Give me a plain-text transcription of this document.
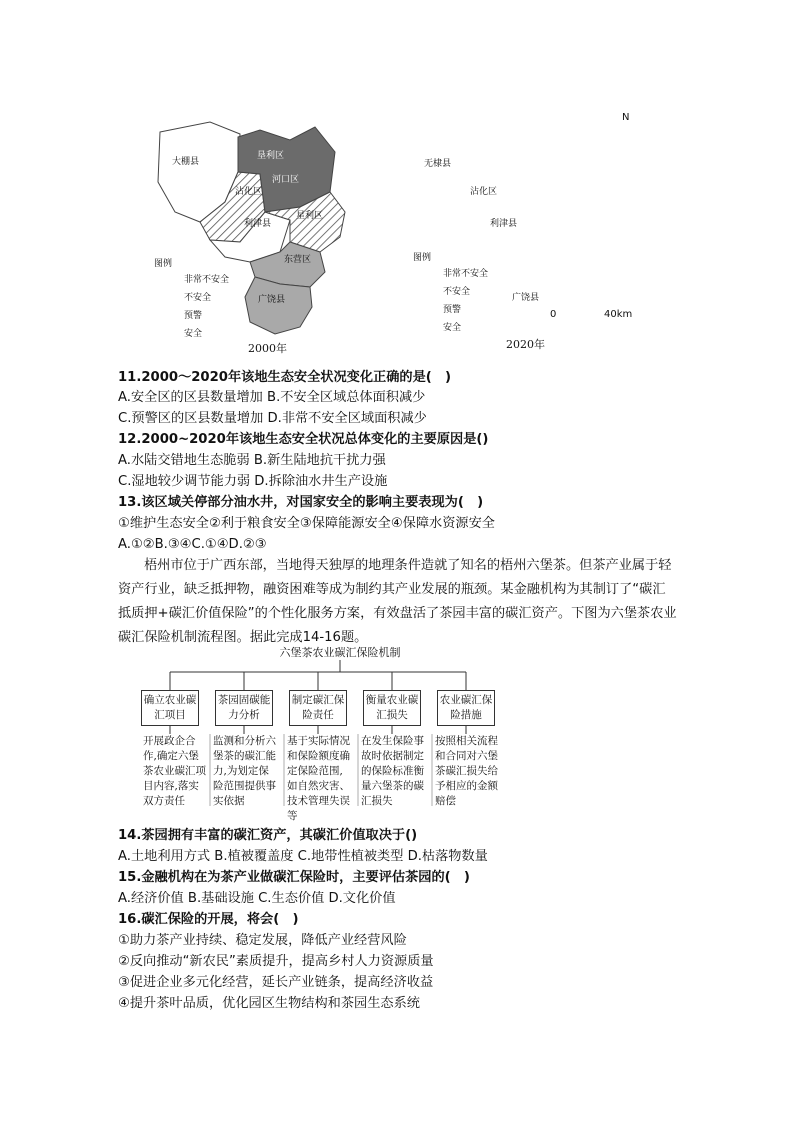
大棚县
垦利区
河口区
沾化区
利津县
星利区
东营区
广饶县
无棣县
沾化区
河口区
利津县
垦利区
东营区
广饶县
N
0	40km
图例
非常不安全
不安全
预警
安全
图例
非常不安全
不安全
预警
安全
2000年	2020年
11.2000～2020年该地生态安全状况变化正确的是(　)
A.安全区的区县数量增加 B.不安全区域总体面积减少
C.预警区的区县数量增加 D.非常不安全区域面积减少
12.2000~2020年该地生态安全状况总体变化的主要原因是()
A.水陆交错地生态脆弱 B.新生陆地抗干扰力强
C.湿地较少调节能力弱 D.拆除油水井生产设施
13.该区域关停部分油水井，对国家安全的影响主要表现为(　)
①维护生态安全②利于粮食安全③保障能源安全④保障水资源安全
A.①②B.③④C.①④D.②③
梧州市位于广西东部，当地得天独厚的地理条件造就了知名的梧州六堡茶。但茶产业属于轻资产行业，缺乏抵押物，融资困难等成为制约其产业发展的瓶颈。某金融机构为其制订了“碳汇抵质押+碳汇价值保险”的个性化服务方案，有效盘活了茶园丰富的碳汇资产。下图为六堡茶农业碳汇保险机制流程图。据此完成14-16题。
六堡茶农业碳汇保险机制
确立农业碳汇项目
茶园固碳能力分析
制定碳汇保险责任
衡量农业碳汇损失
农业碳汇保险措施
开展政企合作,确定六堡茶农业碳汇项目内容,落实双方责任
监测和分析六堡茶的碳汇能力,为划定保险范围提供事实依据
基于实际情况和保险额度确定保险范围,如自然灾害、技术管理失误等
在发生保险事故时依据制定的保险标准衡量六堡茶的碳汇损失
按照相关流程和合同对六堡茶碳汇损失给予相应的金额赔偿
14.茶园拥有丰富的碳汇资产，其碳汇价值取决于()
A.土地利用方式 B.植被覆盖度 C.地带性植被类型 D.枯落物数量
15.金融机构在为茶产业做碳汇保险时，主要评估茶园的(　)
A.经济价值 B.基础设施 C.生态价值 D.文化价值
16.碳汇保险的开展，将会(　)
①助力茶产业持续、稳定发展，降低产业经营风险
②反向推动“新农民”素质提升，提高乡村人力资源质量
③促进企业多元化经营，延长产业链条，提高经济收益
④提升茶叶品质，优化园区生物结构和茶园生态系统
